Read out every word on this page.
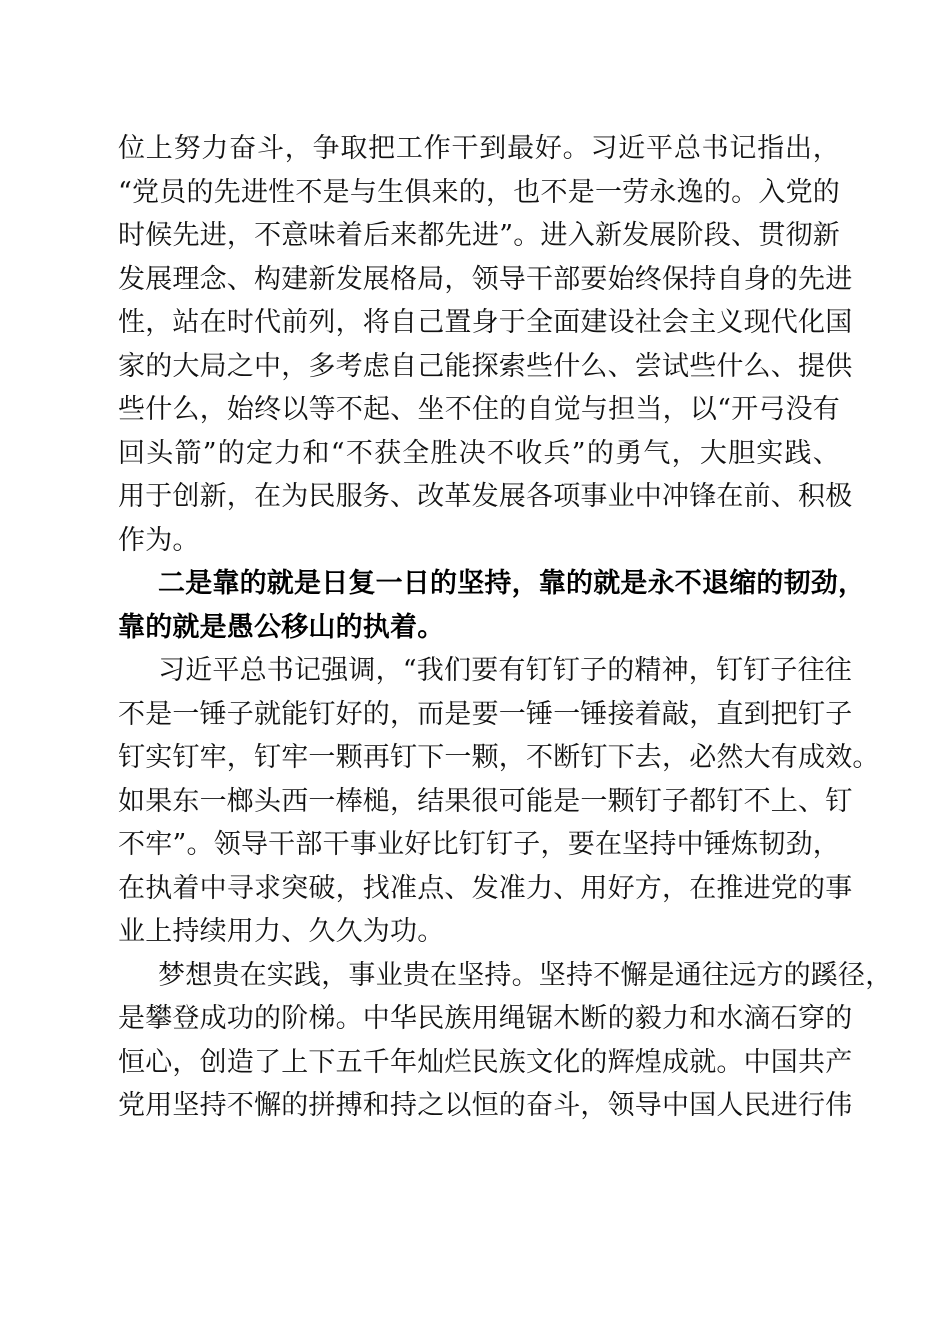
位上努力奋斗，争取把工作干到最好。习近平总书记指出，
“党员的先进性不是与生俱来的，也不是一劳永逸的。入党的
时候先进，不意味着后来都先进”。进入新发展阶段、贯彻新
发展理念、构建新发展格局，领导干部要始终保持自身的先进
性，站在时代前列，将自己置身于全面建设社会主义现代化国
家的大局之中，多考虑自己能探索些什么、尝试些什么、提供
些什么，始终以等不起、坐不住的自觉与担当，以“开弓没有
回头箭”的定力和“不获全胜决不收兵”的勇气，大胆实践、
用于创新，在为民服务、改革发展各项事业中冲锋在前、积极
作为。
二是靠的就是日复一日的坚持，靠的就是永不退缩的韧劲，
靠的就是愚公移山的执着。
习近平总书记强调，“我们要有钉钉子的精神，钉钉子往往
不是一锤子就能钉好的，而是要一锤一锤接着敲，直到把钉子
钉实钉牢，钉牢一颗再钉下一颗，不断钉下去，必然大有成效。
如果东一榔头西一棒槌，结果很可能是一颗钉子都钉不上、钉
不牢”。领导干部干事业好比钉钉子，要在坚持中锤炼韧劲，
在执着中寻求突破，找准点、发准力、用好方，在推进党的事
业上持续用力、久久为功。
梦想贵在实践，事业贵在坚持。坚持不懈是通往远方的蹊径，
是攀登成功的阶梯。中华民族用绳锯木断的毅力和水滴石穿的
恒心，创造了上下五千年灿烂民族文化的辉煌成就。中国共产
党用坚持不懈的拼搏和持之以恒的奋斗，领导中国人民进行伟
